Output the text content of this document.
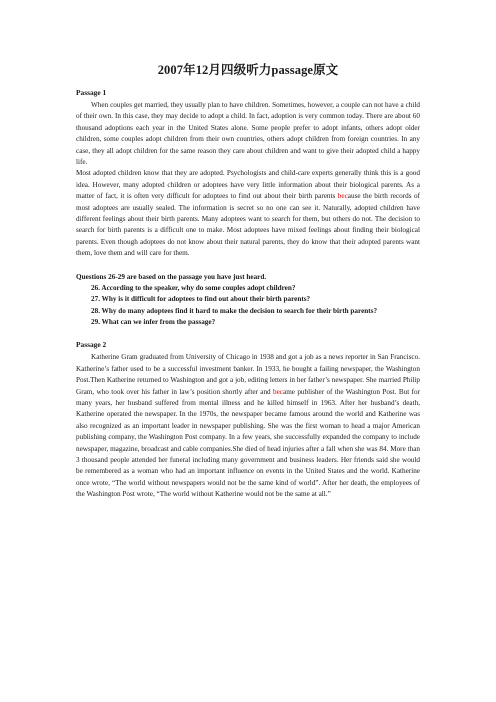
2007年12月四级听力passage原文

Passage 1

When couples get married, they usually plan to have children. Sometimes, however, a couple can not have a child of their own. In this case, they may decide to adopt a child. In fact, adoption is very common today. There are about 60 thousand adoptions each year in the United States alone. Some people prefer to adopt infants, others adopt older children, some couples adopt children from their own countries, others adopt children from foreign countries. In any case, they all adopt children for the same reason they care about children and want to give their adopted child a happy life.

Most adopted children know that they are adopted. Psychologists and child-care experts generally think this is a good idea. However, many adopted children or adoptees have very little information about their biological parents. As a matter of fact, it is often very difficult for adoptees to find out about their birth parents because the birth records of most adoptees are usually sealed. The information is secret so no one can see it. Naturally, adopted children have different feelings about their birth parents. Many adoptees want to search for them, but others do not. The decision to search for birth parents is a difficult one to make. Most adoptees have mixed feelings about finding their biological parents. Even though adoptees do not know about their natural parents, they do know that their adopted parents want them, love them and will care for them.

Questions 26-29 are based on the passage you have just heard.

26. According to the speaker, why do some couples adopt children?

27. Why is it difficult for adoptees to find out about their birth parents?

28. Why do many adoptees find it hard to make the decision to search for their birth parents?

29. What can we infer from the passage?

Passage 2

Katherine Gram graduated from University of Chicago in 1938 and got a job as a news reporter in San Francisco. Katherine’s father used to be a successful investment banker. In 1933, he bought a failing newspaper, the Washington Post.Then Katherine returned to Washington and got a job, editing letters in her father’s newspaper. She married Philip Gram, who took over his father in law’s position shortly after and became publisher of the Washington Post. But for many years, her husband suffered from mental illness and he killed himself in 1963. After her husband’s death, Katherine operated the newspaper. In the 1970s, the newspaper became famous around the world and Katherine was also recognized as an important leader in newspaper publishing. She was the first woman to head a major American publishing company, the Washington Post company. In a few years, she successfully expanded the company to include newspaper, magazine, broadcast and cable companies.She died of head injuries after a fall when she was 84. More than 3 thousand people attended her funeral including many government and business leaders. Her friends said she would be remembered as a woman who had an important influence on events in the United States and the world. Katherine once wrote, “The world without newspapers would not be the same kind of world”. After her death, the employees of the Washington Post wrote, “The world without Katherine would not be the same at all.”
